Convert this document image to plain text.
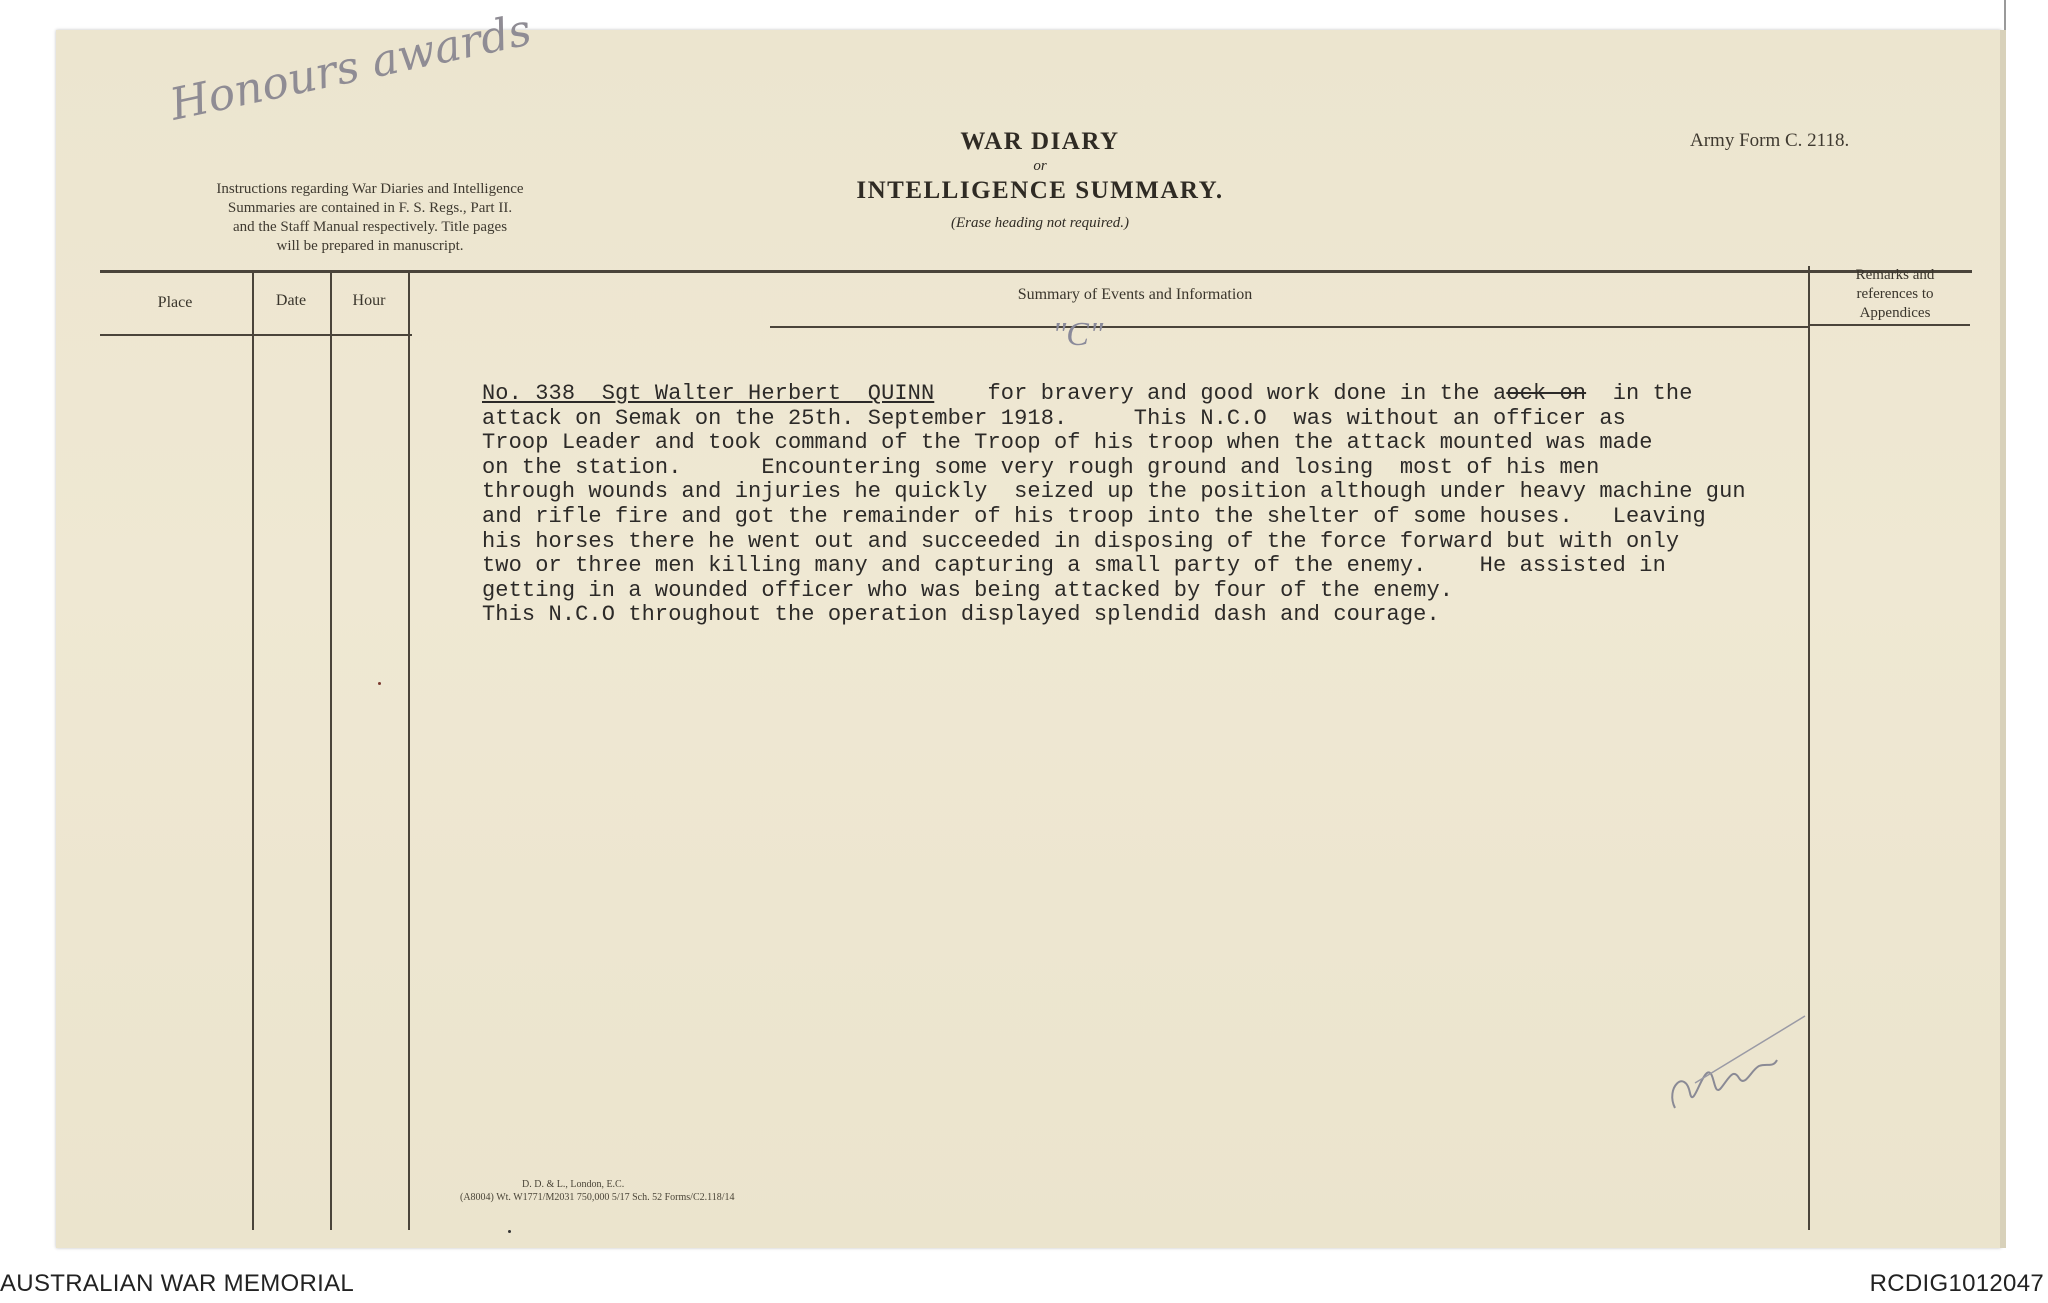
Honours awards
Instructions regarding War Diaries and Intelligence
Summaries are contained in F. S. Regs., Part II.
and the Staff Manual respectively. Title pages
will be prepared in manuscript.
WAR DIARY
or
INTELLIGENCE SUMMARY.
(Erase heading not required.)
Army Form C. 2118.
Place	Date	Hour	Summary of Events and Information
Remarks and
references to
Appendices
"C"
No. 338  Sgt Walter Herbert  QUINN    for bravery and good work done in the aock-on  in the
attack on Semak on the 25th. September 1918.     This N.C.O  was without an officer as
Troop Leader and took command of the Troop of his troop when the attack mounted was made
on the station.      Encountering some very rough ground and losing  most of his men
through wounds and injuries he quickly  seized up the position although under heavy machine gun
and rifle fire and got the remainder of his troop into the shelter of some houses.   Leaving
his horses there he went out and succeeded in disposing of the force forward but with only
two or three men killing many and capturing a small party of the enemy.    He assisted in
getting in a wounded officer who was being attacked by four of the enemy.
This N.C.O throughout the operation displayed splendid dash and courage.
D. D. & L., London, E.C.
(A8004) Wt. W1771/M2031 750,000 5/17 Sch. 52 Forms/C2.118/14
AUSTRALIAN WAR MEMORIAL	RCDIG1012047
